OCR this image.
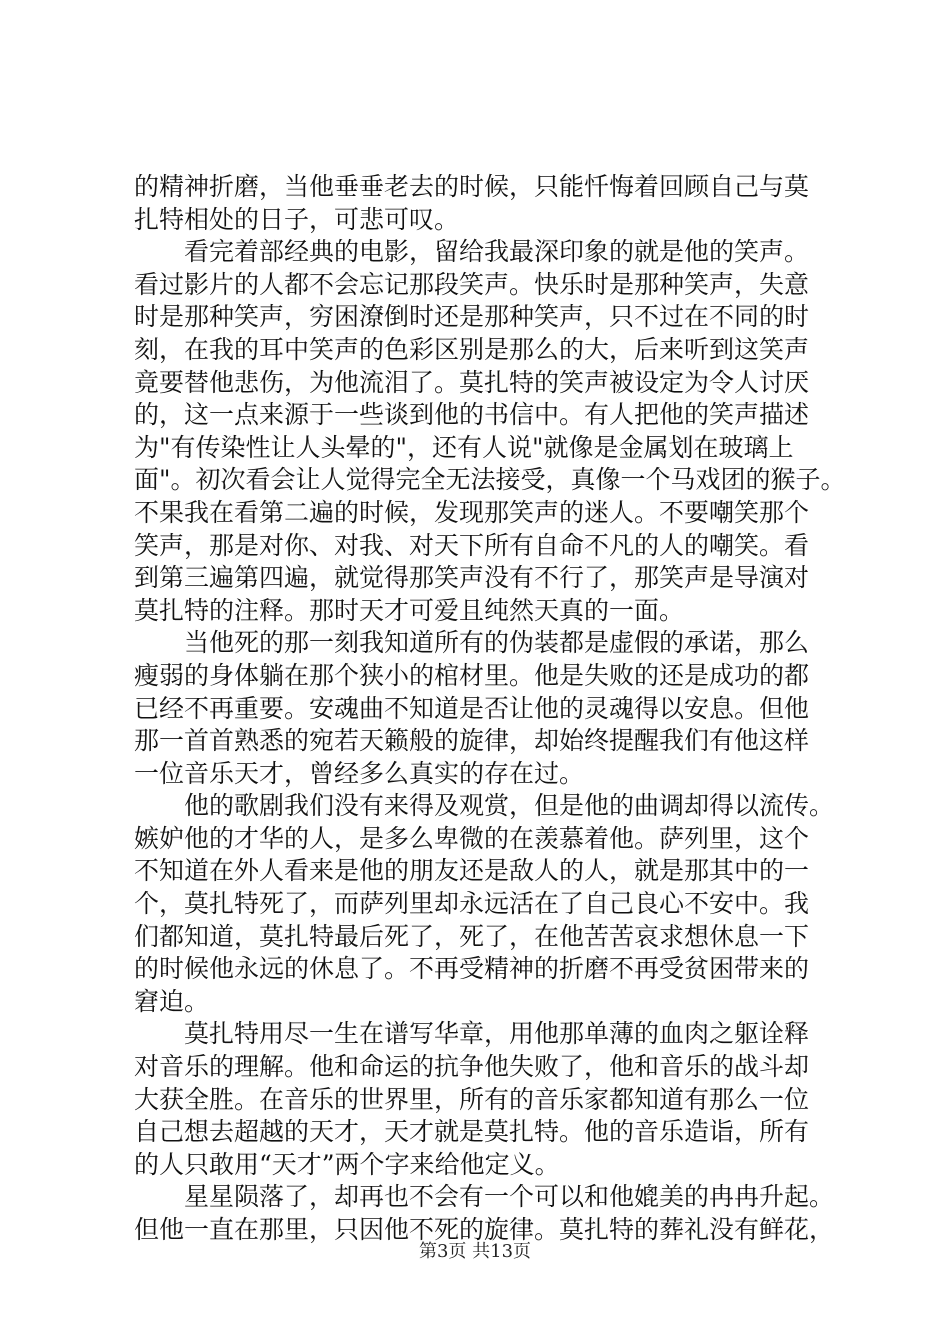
的精神折磨，当他垂垂老去的时候，只能忏悔着回顾自己与莫
扎特相处的日子，可悲可叹。
看完着部经典的电影，留给我最深印象的就是他的笑声。
看过影片的人都不会忘记那段笑声。快乐时是那种笑声，失意
时是那种笑声，穷困潦倒时还是那种笑声，只不过在不同的时
刻，在我的耳中笑声的色彩区别是那么的大，后来听到这笑声
竟要替他悲伤，为他流泪了。莫扎特的笑声被设定为令人讨厌
的，这一点来源于一些谈到他的书信中。有人把他的笑声描述
为"有传染性让人头晕的"，还有人说"就像是金属划在玻璃上
面"。初次看会让人觉得完全无法接受，真像一个马戏团的猴子。
不果我在看第二遍的时候，发现那笑声的迷人。不要嘲笑那个
笑声，那是对你、对我、对天下所有自命不凡的人的嘲笑。看
到第三遍第四遍，就觉得那笑声没有不行了，那笑声是导演对
莫扎特的注释。那时天才可爱且纯然天真的一面。
当他死的那一刻我知道所有的伪装都是虚假的承诺，那么
瘦弱的身体躺在那个狭小的棺材里。他是失败的还是成功的都
已经不再重要。安魂曲不知道是否让他的灵魂得以安息。但他
那一首首熟悉的宛若天籁般的旋律，却始终提醒我们有他这样
一位音乐天才，曾经多么真实的存在过。
他的歌剧我们没有来得及观赏，但是他的曲调却得以流传。
嫉妒他的才华的人，是多么卑微的在羡慕着他。萨列里，这个
不知道在外人看来是他的朋友还是敌人的人，就是那其中的一
个，莫扎特死了，而萨列里却永远活在了自己良心不安中。我
们都知道，莫扎特最后死了，死了，在他苦苦哀求想休息一下
的时候他永远的休息了。不再受精神的折磨不再受贫困带来的
窘迫。
莫扎特用尽一生在谱写华章，用他那单薄的血肉之躯诠释
对音乐的理解。他和命运的抗争他失败了，他和音乐的战斗却
大获全胜。在音乐的世界里，所有的音乐家都知道有那么一位
自己想去超越的天才，天才就是莫扎特。他的音乐造诣，所有
的人只敢用“天才”两个字来给他定义。
星星陨落了，却再也不会有一个可以和他媲美的冉冉升起。
但他一直在那里，只因他不死的旋律。莫扎特的葬礼没有鲜花，
第3页 共13页
